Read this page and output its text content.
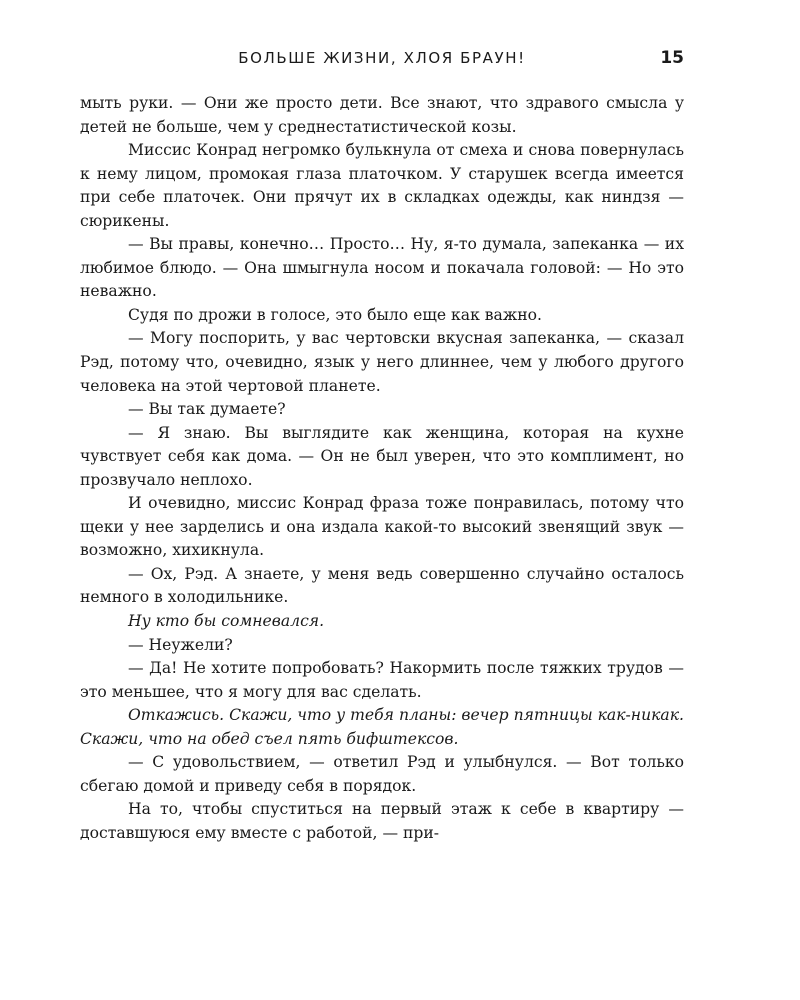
БОЛЬШЕ ЖИЗНИ, ХЛОЯ БРАУН!	15

мыть руки. — Они же просто дети. Все знают, что здравого смысла у детей не больше, чем у среднестатистической козы.

Миссис Конрад негромко булькнула от смеха и снова повернулась к нему лицом, промокая глаза платочком. У старушек всегда имеется при себе платочек. Они прячут их в складках одежды, как ниндзя — сюрикены.

— Вы правы, конечно… Просто… Ну, я-то думала, запеканка — их любимое блюдо. — Она шмыгнула носом и покачала головой: — Но это неважно.

Судя по дрожи в голосе, это было еще как важно.

— Могу поспорить, у вас чертовски вкусная запеканка, — сказал Рэд, потому что, очевидно, язык у него длиннее, чем у любого другого человека на этой чертовой планете.

— Вы так думаете?

— Я знаю. Вы выглядите как женщина, которая на кухне чувствует себя как дома. — Он не был уверен, что это комплимент, но прозвучало неплохо.

И очевидно, миссис Конрад фраза тоже понравилась, потому что щеки у нее зарделись и она издала какой-то высокий звенящий звук — возможно, хихикнула.

— Ох, Рэд. А знаете, у меня ведь совершенно случайно осталось немного в холодильнике.

Ну кто бы сомневался.

— Неужели?

— Да! Не хотите попробовать? Накормить после тяжких трудов — это меньшее, что я могу для вас сделать.

Откажись. Скажи, что у тебя планы: вечер пятницы как-никак. Скажи, что на обед съел пять бифштексов.

— С удовольствием, — ответил Рэд и улыбнулся. — Вот только сбегаю домой и приведу себя в порядок.

На то, чтобы спуститься на первый этаж к себе в квартиру — доставшуюся ему вместе с работой, — при-
